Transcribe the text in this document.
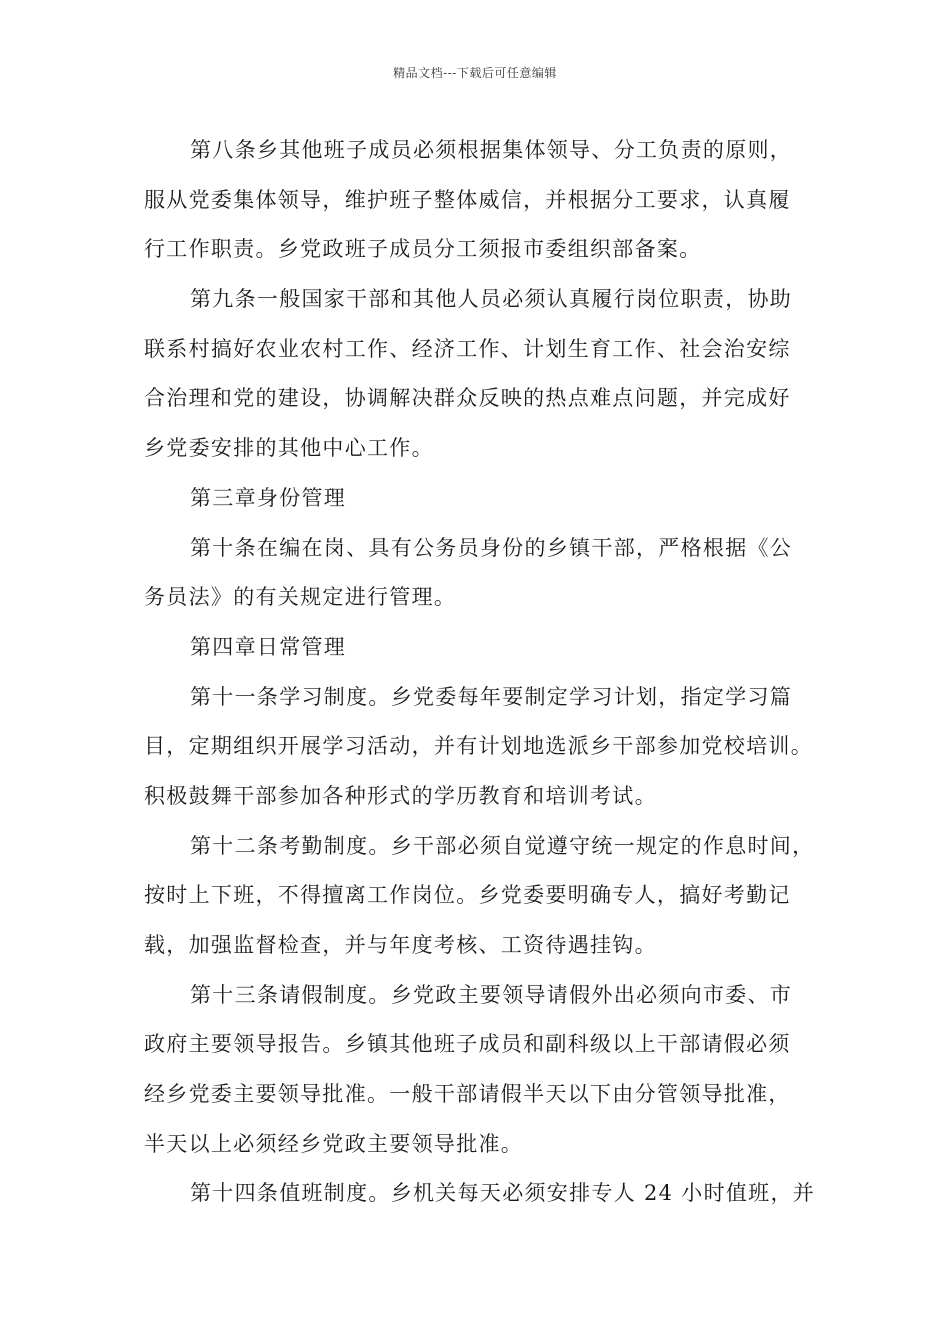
精品文档---下载后可任意编辑
第八条乡其他班子成员必须根据集体领导、分工负责的原则，
服从党委集体领导，维护班子整体威信，并根据分工要求，认真履
行工作职责。乡党政班子成员分工须报市委组织部备案。
第九条一般国家干部和其他人员必须认真履行岗位职责，协助
联系村搞好农业农村工作、经济工作、计划生育工作、社会治安综
合治理和党的建设，协调解决群众反映的热点难点问题，并完成好
乡党委安排的其他中心工作。
第三章身份管理
第十条在编在岗、具有公务员身份的乡镇干部，严格根据《公
务员法》的有关规定进行管理。
第四章日常管理
第十一条学习制度。乡党委每年要制定学习计划，指定学习篇
目，定期组织开展学习活动，并有计划地选派乡干部参加党校培训。
积极鼓舞干部参加各种形式的学历教育和培训考试。
第十二条考勤制度。乡干部必须自觉遵守统一规定的作息时间，
按时上下班，不得擅离工作岗位。乡党委要明确专人，搞好考勤记
载，加强监督检查，并与年度考核、工资待遇挂钩。
第十三条请假制度。乡党政主要领导请假外出必须向市委、市
政府主要领导报告。乡镇其他班子成员和副科级以上干部请假必须
经乡党委主要领导批准。一般干部请假半天以下由分管领导批准，
半天以上必须经乡党政主要领导批准。
第十四条值班制度。乡机关每天必须安排专人 24 小时值班，并
